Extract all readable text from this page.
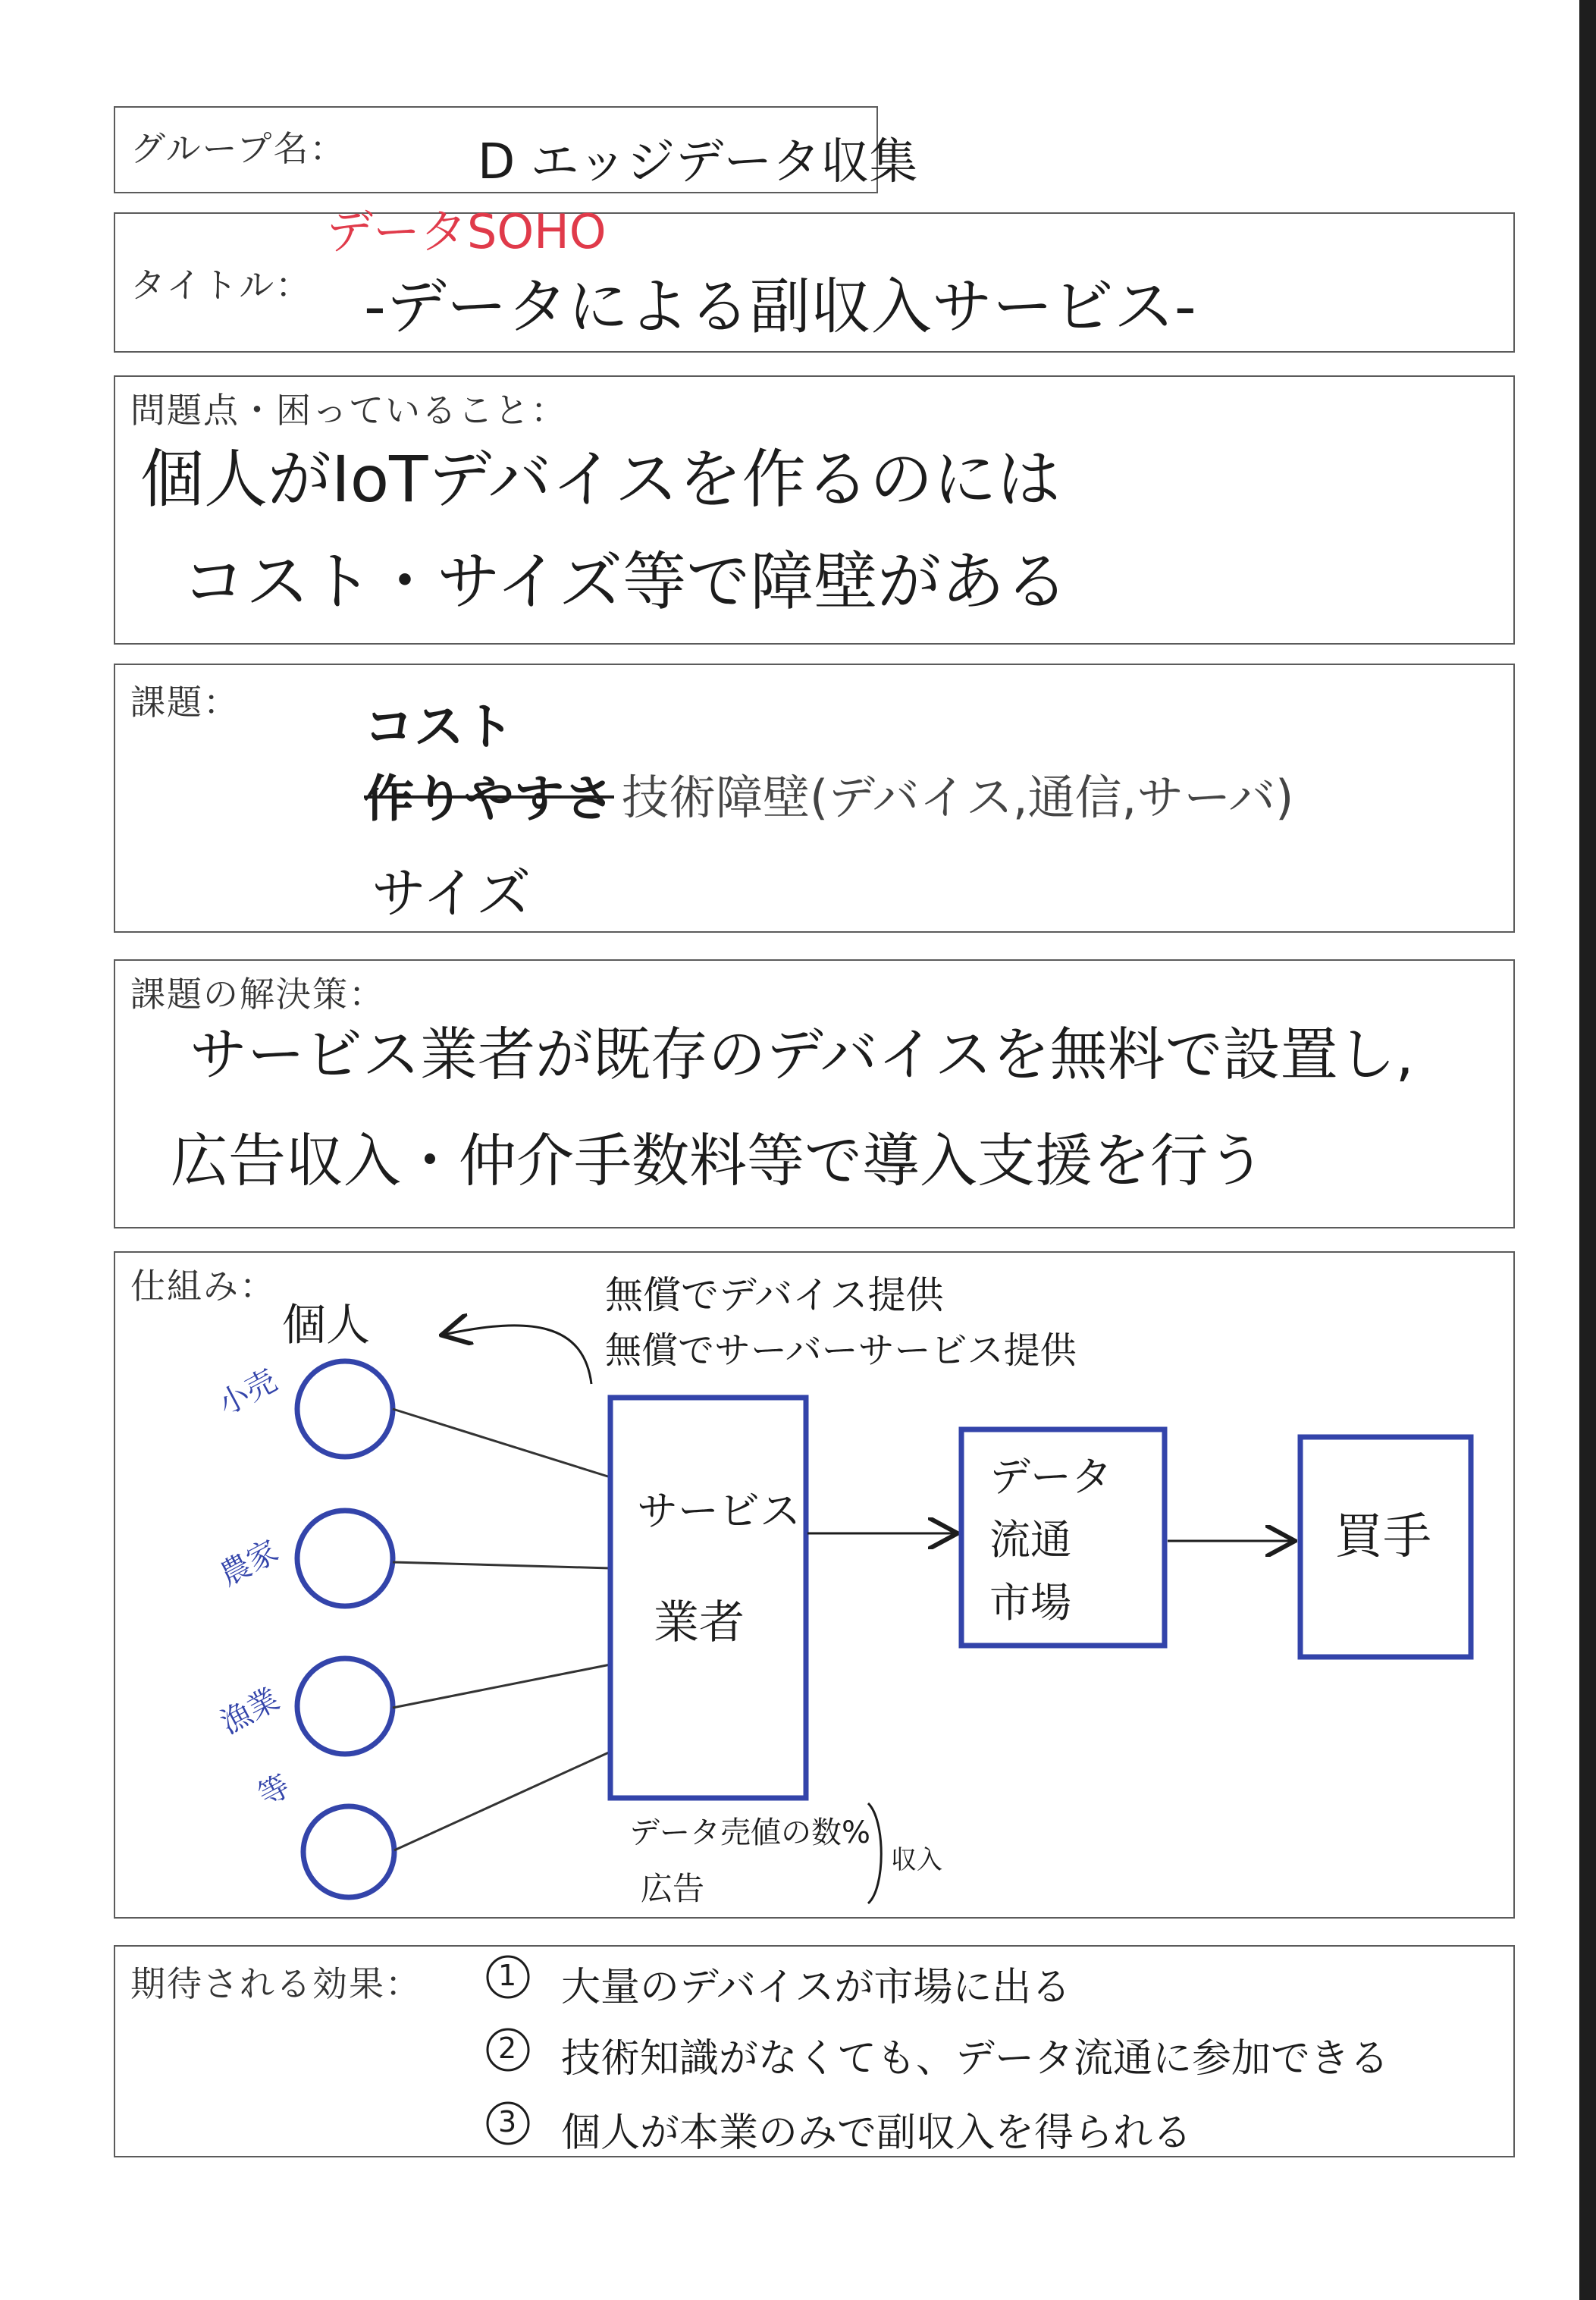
グループ名：	D エッジデータ収集
タイトル：
データSOHO
‐データによる副収入サービス‐
問題点・困っていること：
個人がIoTデバイスを作るのには
コスト・サイズ等で障壁がある
課題： コスト
作りやすさ 技術障壁(デバイス,通信,サーバ)
サイズ
課題の解決策：
サービス業者が既存のデバイスを無料で設置し,
広告収入・仲介手数料等で導入支援を行う
仕組み：
個人
無償でデバイス提供
無償でサーバーサービス提供
小売
農家
漁業
等
サービス
業者
データ
流通
市場
買手
データ売値の数%
広告
収入
期待される効果：	1 大量のデバイスが市場に出る
2 技術知識がなくても、データ流通に参加できる
3 個人が本業のみで副収入を得られる
